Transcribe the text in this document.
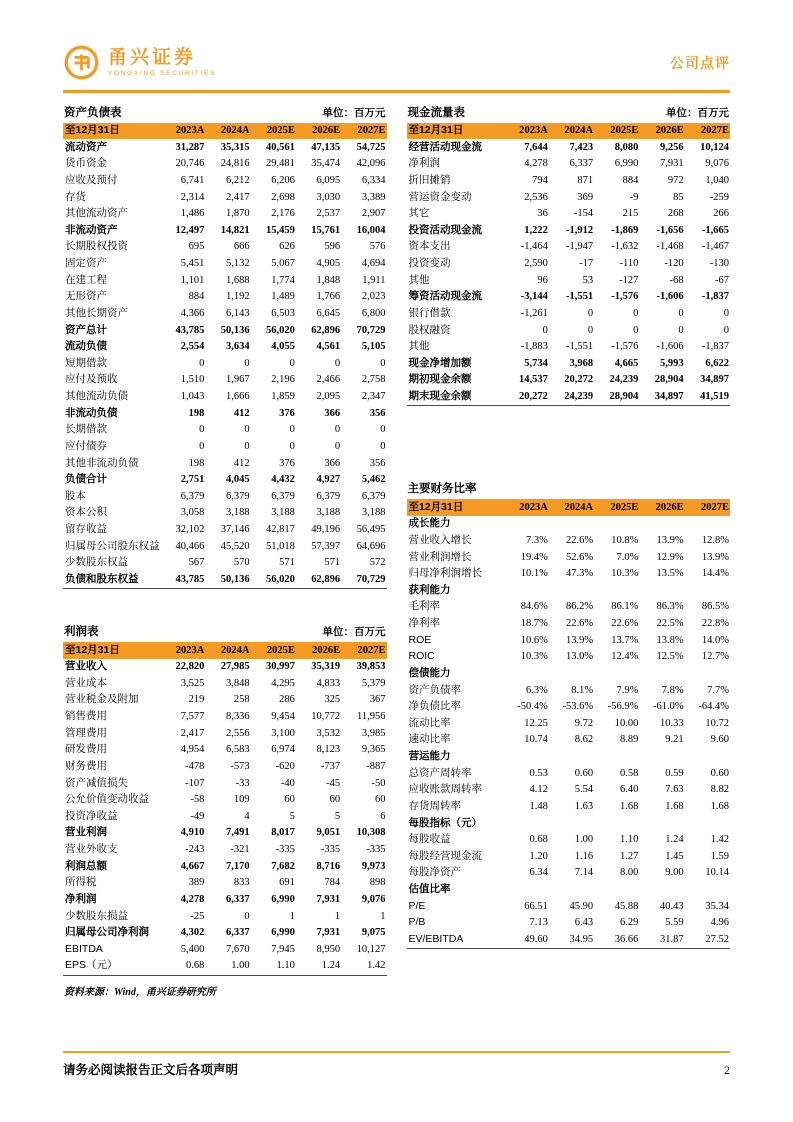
甬兴证券
YONGXING SECURITIES
公司点评
资产负债表	单位：百万元
至12月31日	2023A	2024A	2025E	2026E	2027E
流动资产	31,287	35,315	40,561	47,135	54,725
货币资金	20,746	24,816	29,481	35,474	42,096
应收及预付	6,741	6,212	6,206	6,095	6,334
存货	2,314	2,417	2,698	3,030	3,389
其他流动资产	1,486	1,870	2,176	2,537	2,907
非流动资产	12,497	14,821	15,459	15,761	16,004
长期股权投资	695	666	626	596	576
固定资产	5,451	5,132	5,067	4,905	4,694
在建工程	1,101	1,688	1,774	1,848	1,911
无形资产	884	1,192	1,489	1,766	2,023
其他长期资产	4,366	6,143	6,503	6,645	6,800
资产总计	43,785	50,136	56,020	62,896	70,729
流动负债	2,554	3,634	4,055	4,561	5,105
短期借款	0	0	0	0	0
应付及预收	1,510	1,967	2,196	2,466	2,758
其他流动负债	1,043	1,666	1,859	2,095	2,347
非流动负债	198	412	376	366	356
长期借款	0	0	0	0	0
应付债券	0	0	0	0	0
其他非流动负债	198	412	376	366	356
负债合计	2,751	4,045	4,432	4,927	5,462
股本	6,379	6,379	6,379	6,379	6,379
资本公积	3,058	3,188	3,188	3,188	3,188
留存收益	32,102	37,146	42,817	49,196	56,495
归属母公司股东权益	40,466	45,520	51,018	57,397	64,696
少数股东权益	567	570	571	571	572
负债和股东权益	43,785	50,136	56,020	62,896	70,729
利润表	单位：百万元
至12月31日	2023A	2024A	2025E	2026E	2027E
营业收入	22,820	27,985	30,997	35,319	39,853
营业成本	3,525	3,848	4,295	4,833	5,379
营业税金及附加	219	258	286	325	367
销售费用	7,577	8,336	9,454	10,772	11,956
管理费用	2,417	2,556	3,100	3,532	3,985
研发费用	4,954	6,583	6,974	8,123	9,365
财务费用	-478	-573	-620	-737	-887
资产减值损失	-107	-33	-40	-45	-50
公允价值变动收益	-58	109	60	60	60
投资净收益	-49	4	5	5	6
营业利润	4,910	7,491	8,017	9,051	10,308
营业外收支	-243	-321	-335	-335	-335
利润总额	4,667	7,170	7,682	8,716	9,973
所得税	389	833	691	784	898
净利润	4,278	6,337	6,990	7,931	9,076
少数股东损益	-25	0	1	1	1
归属母公司净利润	4,302	6,337	6,990	7,931	9,075
EBITDA	5,400	7,670	7,945	8,950	10,127
EPS（元）	0.68	1.00	1.10	1.24	1.42
资料来源：Wind，甬兴证券研究所
现金流量表	单位：百万元
至12月31日	2023A	2024A	2025E	2026E	2027E
经营活动现金流	7,644	7,423	8,080	9,256	10,124
净利润	4,278	6,337	6,990	7,931	9,076
折旧摊销	794	871	884	972	1,040
营运资金变动	2,536	369	-9	85	-259
其它	36	-154	215	268	266
投资活动现金流	1,222	-1,912	-1,869	-1,656	-1,665
资本支出	-1,464	-1,947	-1,632	-1,468	-1,467
投资变动	2,590	-17	-110	-120	-130
其他	96	53	-127	-68	-67
筹资活动现金流	-3,144	-1,551	-1,576	-1,606	-1,837
银行借款	-1,261	0	0	0	0
股权融资	0	0	0	0	0
其他	-1,883	-1,551	-1,576	-1,606	-1,837
现金净增加额	5,734	3,968	4,665	5,993	6,622
期初现金余额	14,537	20,272	24,239	28,904	34,897
期末现金余额	20,272	24,239	28,904	34,897	41,519
主要财务比率
至12月31日	2023A	2024A	2025E	2026E	2027E
成长能力					
营业收入增长	7.3%	22.6%	10.8%	13.9%	12.8%
营业利润增长	19.4%	52.6%	7.0%	12.9%	13.9%
归母净利润增长	10.1%	47.3%	10.3%	13.5%	14.4%
获利能力					
毛利率	84.6%	86.2%	86.1%	86.3%	86.5%
净利率	18.7%	22.6%	22.6%	22.5%	22.8%
ROE	10.6%	13.9%	13.7%	13.8%	14.0%
ROIC	10.3%	13.0%	12.4%	12.5%	12.7%
偿债能力					
资产负债率	6.3%	8.1%	7.9%	7.8%	7.7%
净负债比率	-50.4%	-53.6%	-56.9%	-61.0%	-64.4%
流动比率	12.25	9.72	10.00	10.33	10.72
速动比率	10.74	8.62	8.89	9.21	9.60
营运能力					
总资产周转率	0.53	0.60	0.58	0.59	0.60
应收账款周转率	4.12	5.54	6.40	7.63	8.82
存货周转率	1.48	1.63	1.68	1.68	1.68
每股指标（元）					
每股收益	0.68	1.00	1.10	1.24	1.42
每股经营现金流	1.20	1.16	1.27	1.45	1.59
每股净资产	6.34	7.14	8.00	9.00	10.14
估值比率					
P/E	66.51	45.90	45.88	40.43	35.34
P/B	7.13	6.43	6.29	5.59	4.96
EV/EBITDA	49.60	34.95	36.66	31.87	27.52
请务必阅读报告正文后各项声明	2
